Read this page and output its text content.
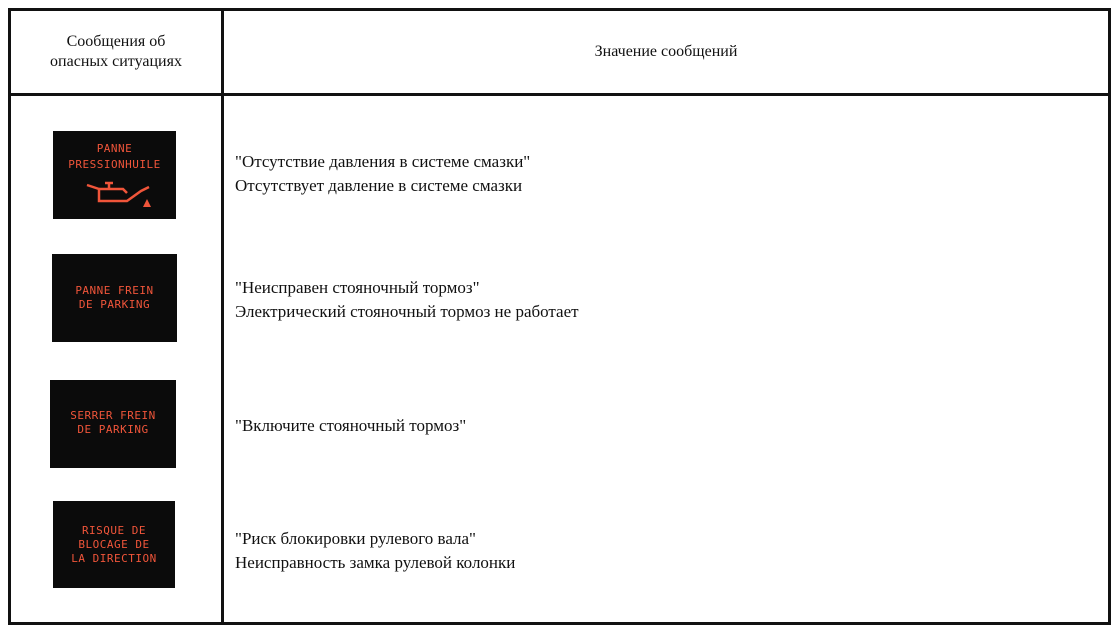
Сообщения об
опасных ситуациях
Значение сообщений
PANNE
PRESSIONHUILE	"Отсутствие давления в системе смазки"
Отсутствует давление в системе смазки
PANNE FREIN
DE PARKING
"Неисправен стояночный тормоз"
Электрический стояночный тормоз не работает
SERRER FREIN
DE PARKING	"Включите стояночный тормоз"
RISQUE DE
BLOCAGE DE
LA DIRECTION
"Риск блокировки рулевого вала"
Неисправность замка рулевой колонки
